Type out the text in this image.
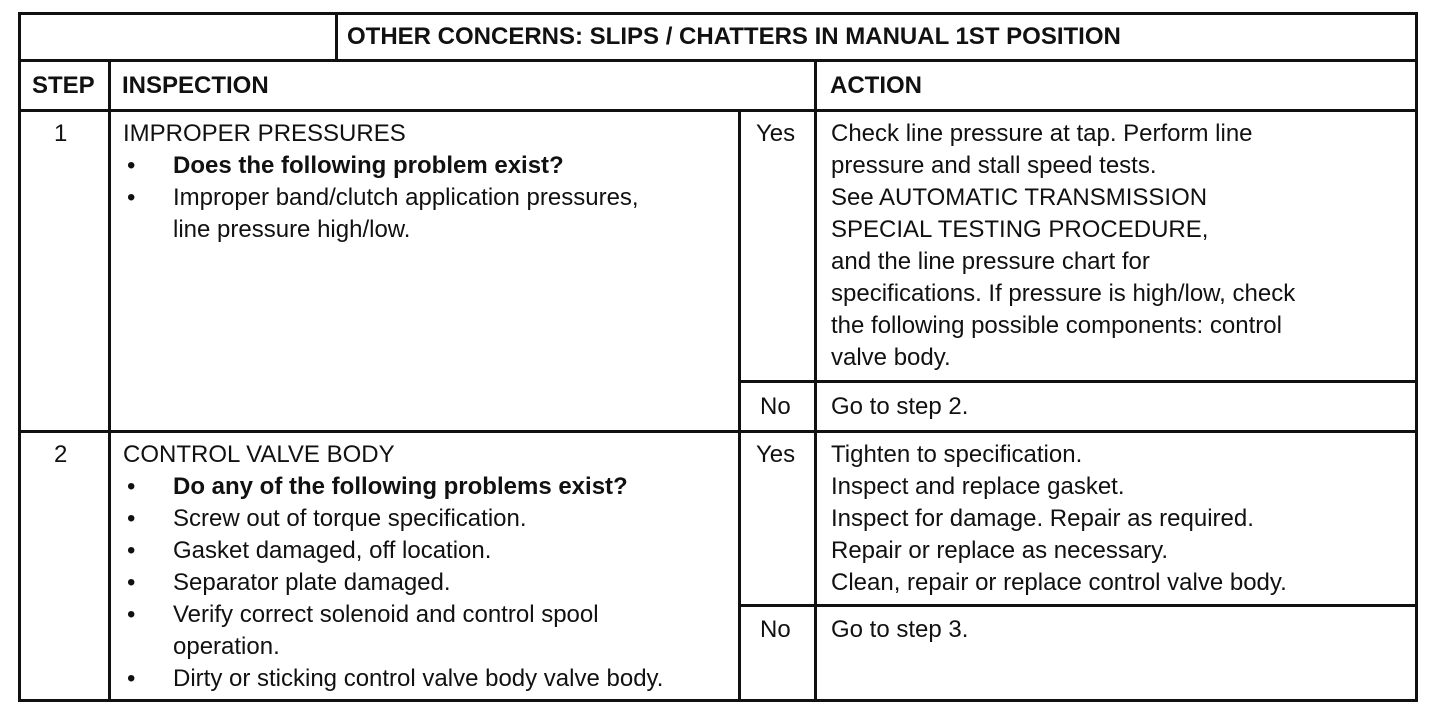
OTHER CONCERNS: SLIPS / CHATTERS IN MANUAL 1ST POSITION
STEP INSPECTION	ACTION
1 IMPROPER PRESSURES
• Does the following problem exist?
• Improper band/clutch application pressures,
line pressure high/low.
Yes Check line pressure at tap. Perform line
pressure and stall speed tests.
See AUTOMATIC TRANSMISSION
SPECIAL TESTING PROCEDURE,
and the line pressure chart for
specifications. If pressure is high/low, check
the following possible components: control
valve body.
No Go to step 2.
2 CONTROL VALVE BODY
• Do any of the following problems exist?
• Screw out of torque specification.
• Gasket damaged, off location.
• Separator plate damaged.
• Verify correct solenoid and control spool
operation.
• Dirty or sticking control valve body valve body.
Yes Tighten to specification.
Inspect and replace gasket.
Inspect for damage. Repair as required.
Repair or replace as necessary.
Clean, repair or replace control valve body.
No Go to step 3.
